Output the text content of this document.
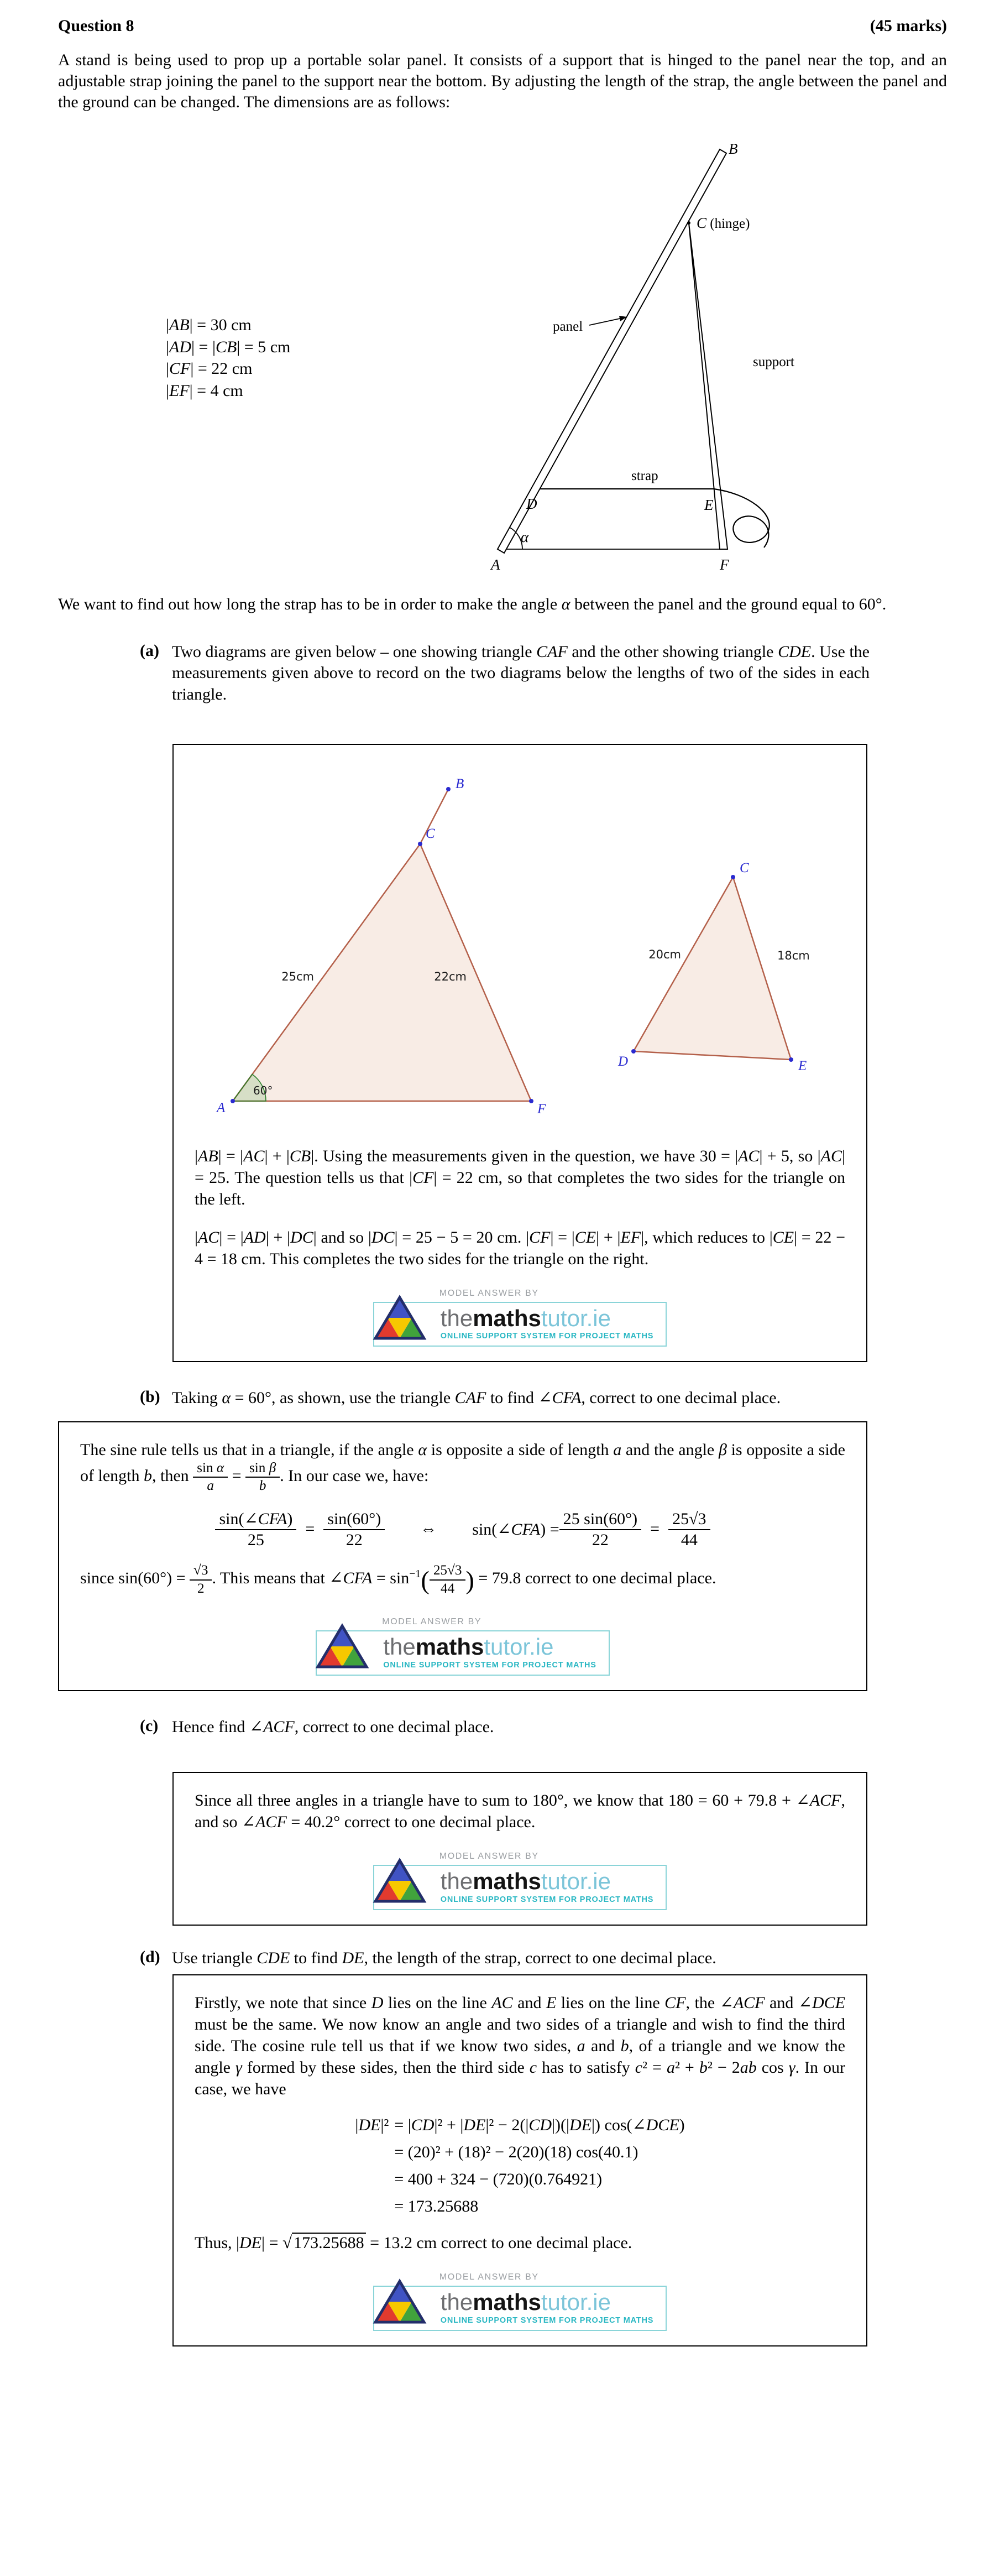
Question 8	(45 marks)

A stand is being used to prop up a portable solar panel. It consists of a support that is hinged to the panel near the top, and an adjustable strap joining the panel to the support near the bottom. By adjusting the length of the strap, the angle between the panel and the ground can be changed. The dimensions are as follows:

|AB| = 30 cm
|AD| = |CB| = 5 cm
|CF| = 22 cm
|EF| = 4 cm
B
C (hinge)
panel
support
strap
D	E
A	F
α

We want to find out how long the strap has to be in order to make the angle α between the panel and the ground equal to 60°.

(a) Two diagrams are given below – one showing triangle CAF and the other showing triangle CDE. Use the measurements given above to record on the two diagrams below the lengths of two of the sides in each triangle.
B
C
A	F
25cm	22cm
60°
C
D	E
20cm	18cm

|AB| = |AC| + |CB|. Using the measurements given in the question, we have 30 = |AC| + 5, so |AC| = 25. The question tells us that |CF| = 22 cm, so that completes the two sides for the triangle on the left.

|AC| = |AD| + |DC| and so |DC| = 25 − 5 = 20 cm. |CF| = |CE| + |EF|, which reduces to |CE| = 22 − 4 = 18 cm. This completes the two sides for the triangle on the right.

MODEL ANSWER BY
themathstutor.ie
ONLINE SUPPORT SYSTEM FOR PROJECT MATHS
(b) Taking α = 60°, as shown, use the triangle CAF to find ∠CFA, correct to one decimal place.

The sine rule tells us that in a triangle, if the angle α is opposite a side of length a and the angle β is opposite a side of length b, then $\frac{\text{sin α}}{a} = \frac{\text{sin β}}{b}$ . In our case we, have:

sin(∠CFA)
25
= $\frac{\sin(60^\circ)}{22}$ ⇔ sin(∠CFA) = $\frac{25 \sin(60^\circ)}{22} = \frac{25√3}{44}$

since $\sin(60^\circ) = \frac{√3}{2}$ . This means that ∠CFA = $\sin^{-1}( \frac{25√3}{44}$ ) = 79.8 correct to one decimal place.

MODEL ANSWER BY
themathstutor.ie
ONLINE SUPPORT SYSTEM FOR PROJECT MATHS
(c) Hence find ∠ACF, correct to one decimal place.

Since all three angles in a triangle have to sum to 180°, we know that 180 = 60 + 79.8 + ∠ACF, and so ∠ACF = 40.2° correct to one decimal place.

MODEL ANSWER BY
themathstutor.ie
ONLINE SUPPORT SYSTEM FOR PROJECT MATHS
(d) Use triangle CDE to find DE, the length of the strap, correct to one decimal place.

Firstly, we note that since D lies on the line AC and E lies on the line CF, the ∠ACF and ∠DCE must be the same. We now know an angle and two sides of a triangle and wish to find the third side. The cosine rule tell us that if we know two sides, a and b, of a triangle and we know the angle γ formed by these sides, then the third side c has to satisfy c² = a² + b² − 2ab cos γ. In our case, we have

|DE|² = |CD|² + |DE|² − 2(|CD|)(|DE|) cos(∠DCE)
= (20)² + (18)² − 2(20)(18) cos(40.1)
= 400 + 324 − (720)(0.764921)
= 173.25688

Thus, |DE| = √ 173.25688 = 13.2 cm correct to one decimal place.

MODEL ANSWER BY
themathstutor.ie
ONLINE SUPPORT SYSTEM FOR PROJECT MATHS
